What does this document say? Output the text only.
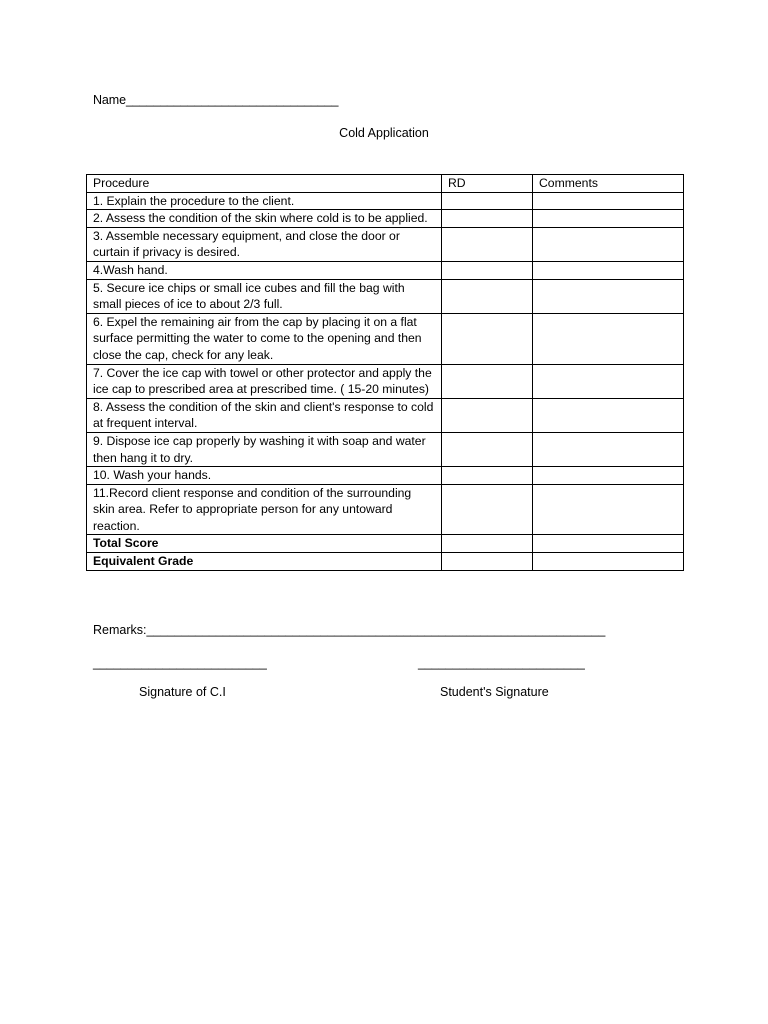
Name_______________________________
Cold Application
Procedure	RD	Comments
1. Explain the procedure to the client.		
2. Assess the condition of the skin where cold is to be applied.		
3. Assemble necessary equipment, and close the door or curtain if privacy is desired.		
4.Wash hand.		
5. Secure ice chips or small ice cubes and fill the bag with small pieces of ice to about 2/3 full.		
6. Expel the remaining air from the cap by placing it on a flat surface permitting the water to come to the opening and then close the cap, check for any leak.		
7. Cover the ice cap with towel or other protector and apply the ice cap to prescribed area at prescribed time. ( 15-20 minutes)		
8. Assess the condition of the skin and client's response to cold at frequent interval.		
9. Dispose ice cap properly by washing it with soap and water then hang it to dry.		
10. Wash your hands.		
11.Record client response and condition of the surrounding skin area. Refer to appropriate person for any untoward reaction.		
Total Score		
Equivalent Grade		
Remarks:__________________________________________________________________
_________________________	________________________
Signature of C.I	Student's Signature
